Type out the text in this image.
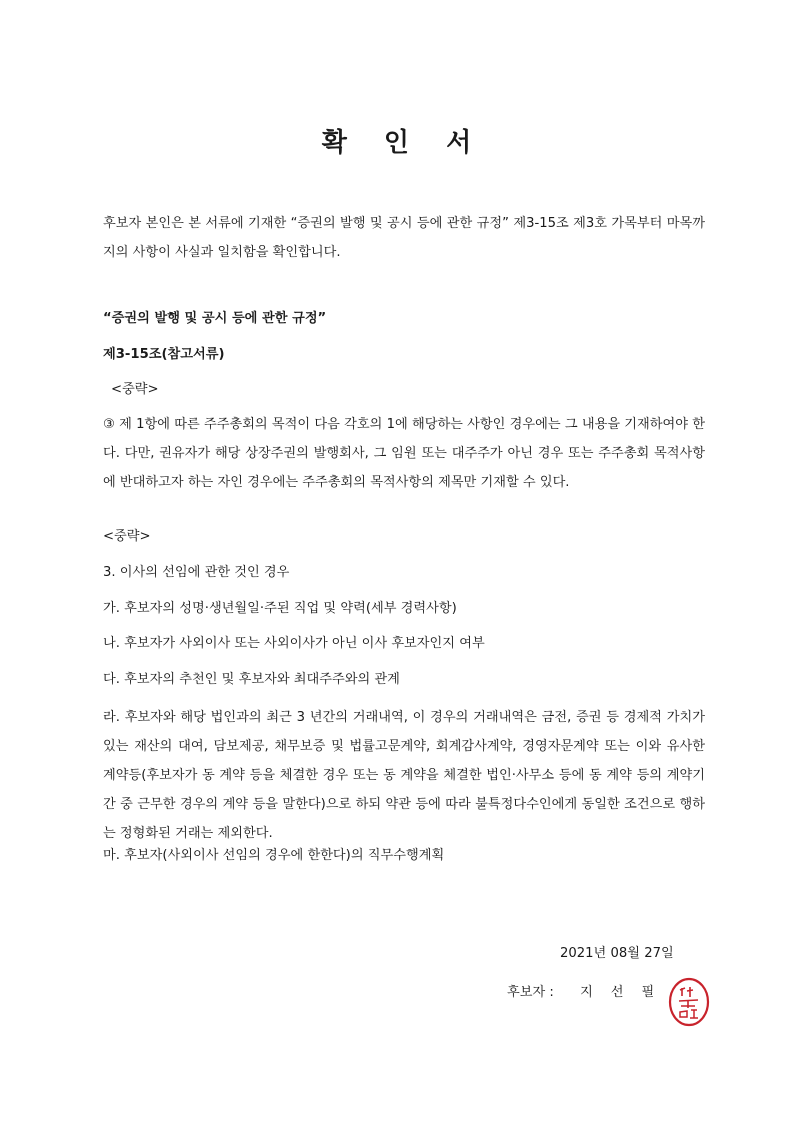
확 인 서

후보자 본인은 본 서류에 기재한 “증권의 발행 및 공시 등에 관한 규정” 제3-15조 제3호 가목부터 마목까지의 사항이 사실과 일치함을 확인합니다.

“증권의 발행 및 공시 등에 관한 규정”

제3-15조(참고서류)

<중략>

③ 제 1항에 따른 주주총회의 목적이 다음 각호의 1에 해당하는 사항인 경우에는 그 내용을 기재하여야 한다. 다만, 권유자가 해당 상장주권의 발행회사, 그 임원 또는 대주주가 아닌 경우 또는 주주총회 목적사항에 반대하고자 하는 자인 경우에는 주주총회의 목적사항의 제목만 기재할 수 있다.

<중략>

3. 이사의 선임에 관한 것인 경우

가. 후보자의 성명·생년월일·주된 직업 및 약력(세부 경력사항)

나. 후보자가 사외이사 또는 사외이사가 아닌 이사 후보자인지 여부

다. 후보자의 추천인 및 후보자와 최대주주와의 관계

라. 후보자와 해당 법인과의 최근 3 년간의 거래내역, 이 경우의 거래내역은 금전, 증권 등 경제적 가치가 있는 재산의 대여, 담보제공, 채무보증 및 법률고문계약, 회계감사계약, 경영자문계약 또는 이와 유사한 계약등(후보자가 동 계약 등을 체결한 경우 또는 동 계약을 체결한 법인·사무소 등에 동 계약 등의 계약기간 중 근무한 경우의 계약 등을 말한다)으로 하되 약관 등에 따라 불특정다수인에게 동일한 조건으로 행하는 정형화된 거래는 제외한다.

마. 후보자(사외이사 선임의 경우에 한한다)의 직무수행계획

2021년 08월 27일
후보자 : 지선필
